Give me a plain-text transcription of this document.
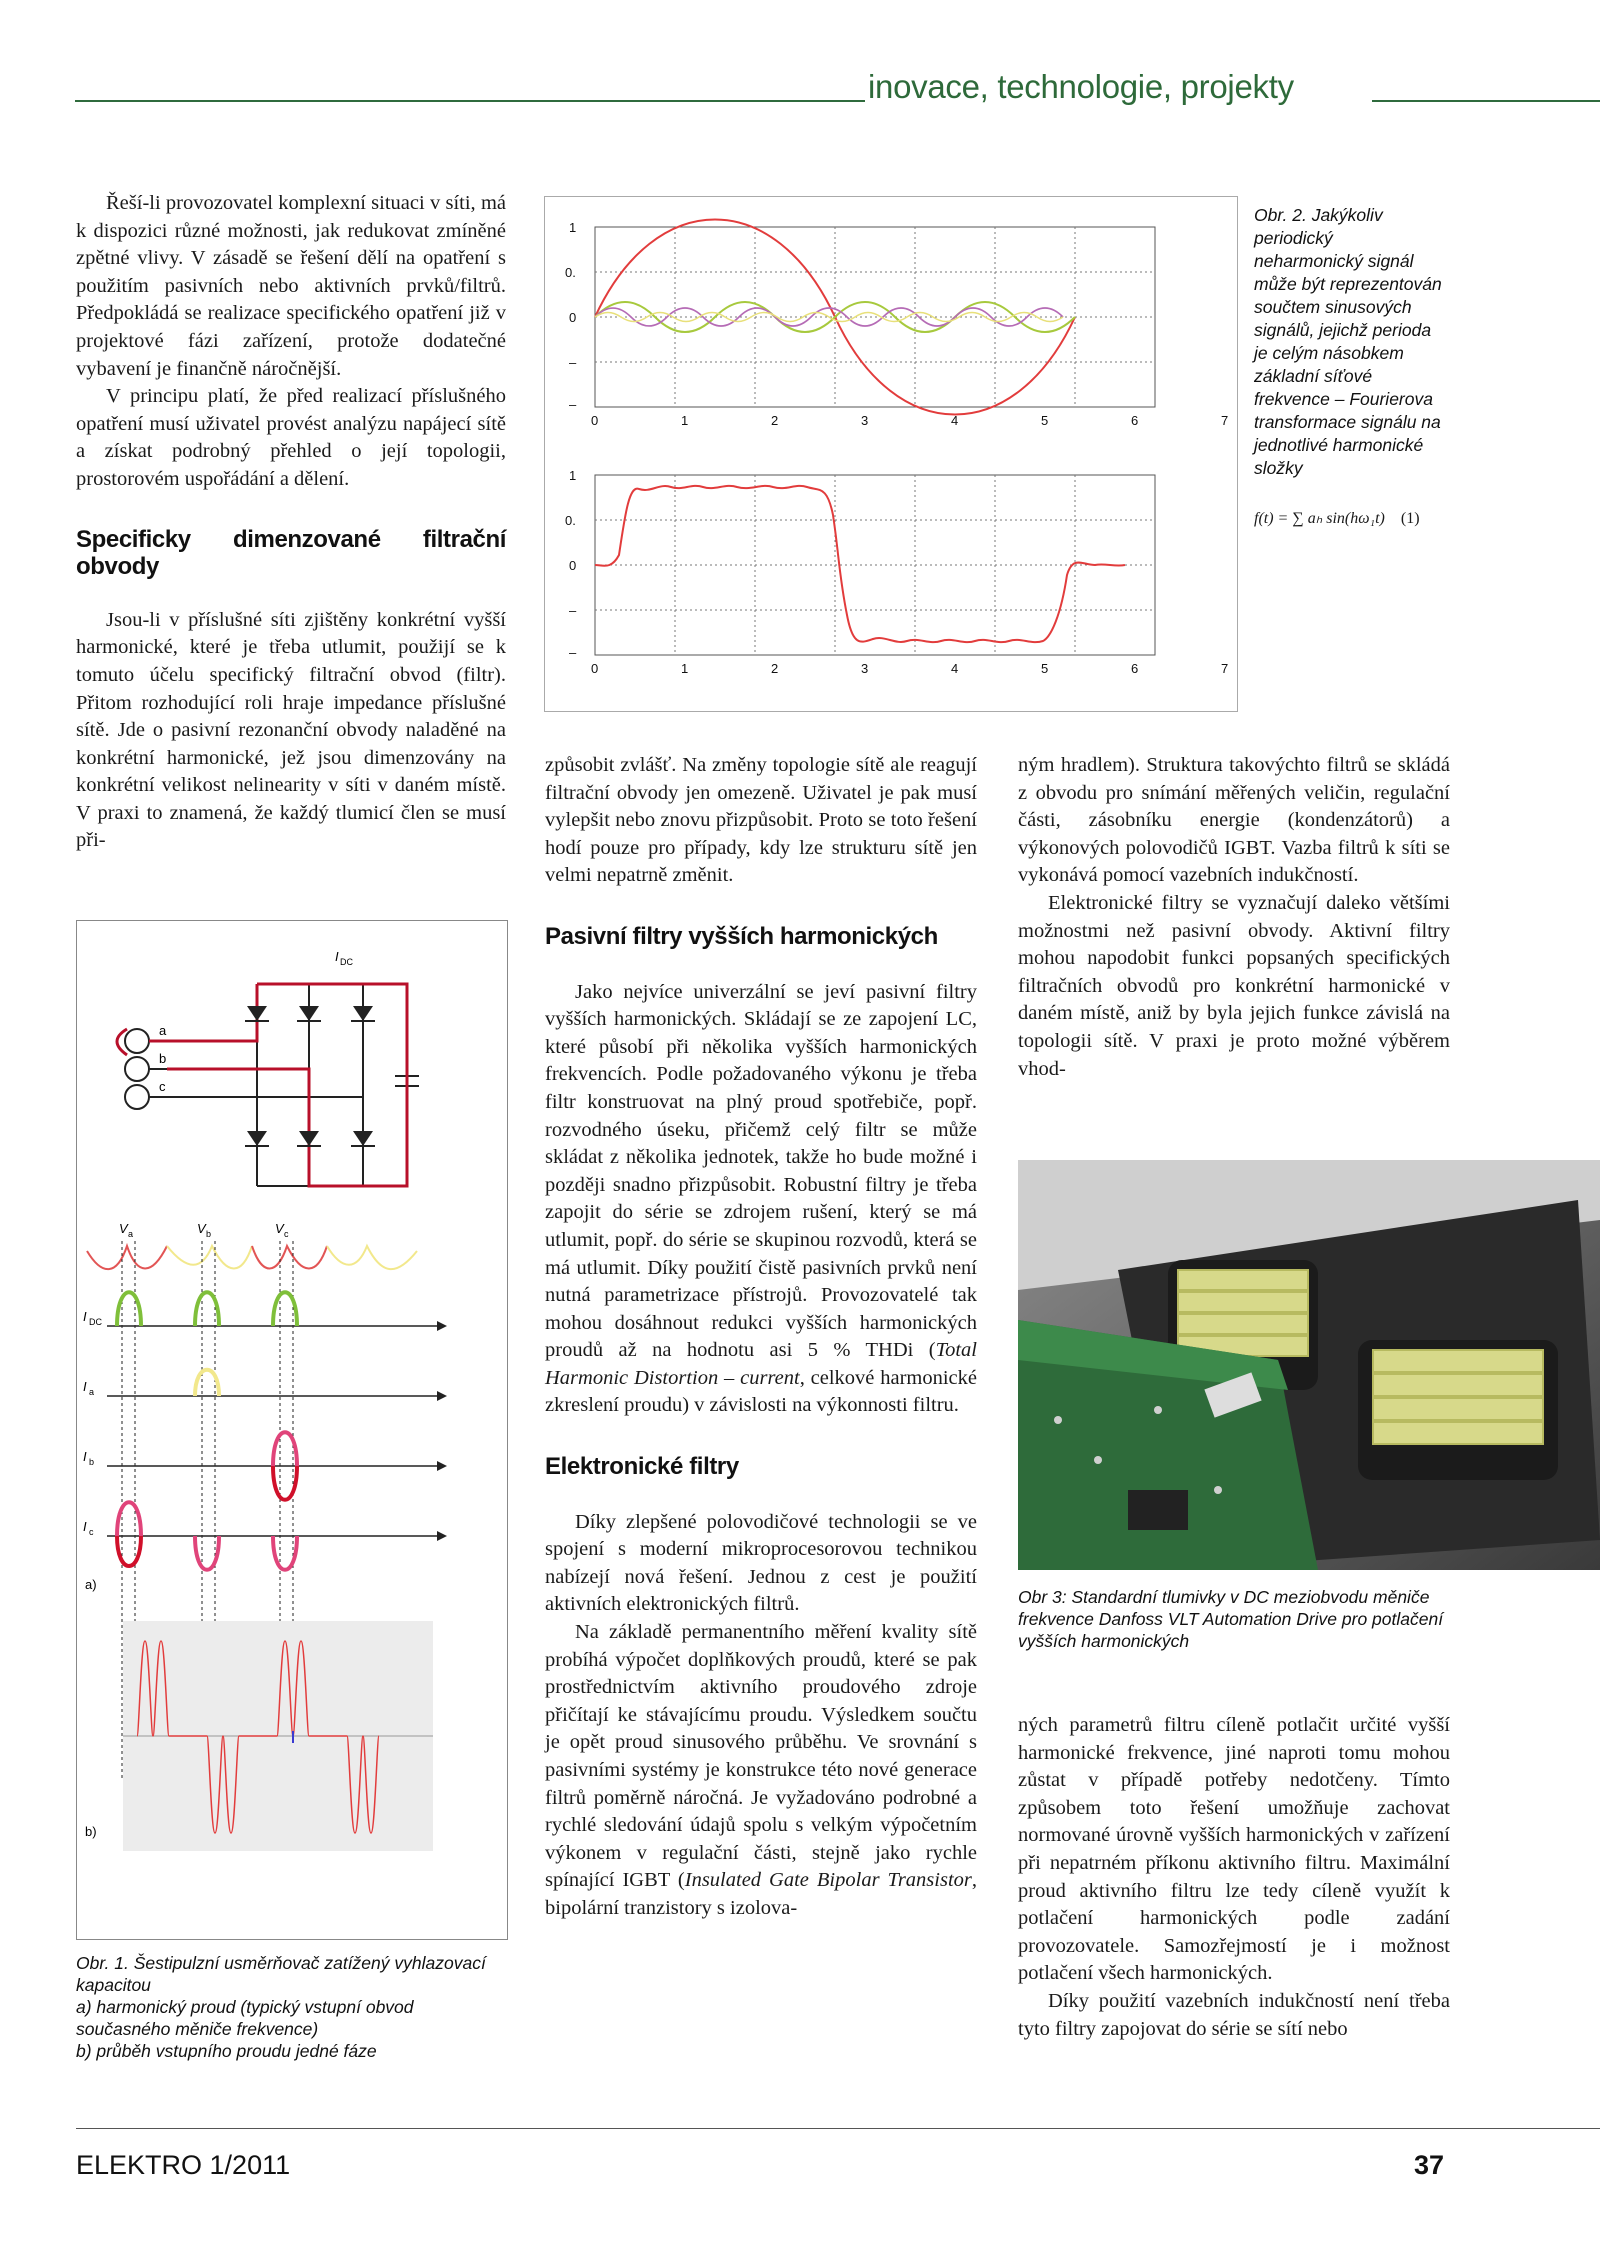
inovace, technologie, projekty

Řeší-li provozovatel komplexní situaci v síti, má k dispozici různé možnosti, jak redukovat zmíněné zpětné vlivy. V zásadě se řešení dělí na opatření s použitím pasivních nebo aktivních prvků/filtrů. Předpokládá se realizace specifického opatření již v projektové fázi zařízení, protože dodatečné vybavení je finančně náročnější.

V principu platí, že před realizací příslušného opatření musí uživatel provést analýzu napájecí sítě a získat podrobný přehled o její topologii, prostorovém uspořádání a dělení.

Specificky dimenzované filtrační obvody

Jsou-li v příslušné síti zjištěny konkrétní vyšší harmonické, které je třeba utlumit, použijí se k tomuto účelu specifický filtrační obvod (filtr). Přitom rozhodující roli hraje impedance příslušné sítě. Jde o pasivní rezonanční obvody naladěné na konkrétní harmonické, jež jsou dimenzovány na konkrétní velikost nelinearity v síti v daném místě. V praxi to znamená, že každý tlumicí člen se musí při-

1
0.
0
–
–
0	1	2	3	4	5	6	7
1
0.
0
–
–
0	1	2	3	4	5	6	7
Obr. 2. Jakýkoliv periodický neharmonický signál může být reprezentován součtem sinusových signálů, jejichž perioda je celým násobkem základní síťové frekvence – Fourierova transformace signálu na jednotlivé harmonické složky
f(t) = ∑ aₕ sin(hω₁t) (1)

způsobit zvlášť. Na změny topologie sítě ale reagují filtrační obvody jen omezeně. Uživatel je pak musí vylepšit nebo znovu přizpůsobit. Proto se toto řešení hodí pouze pro případy, kdy lze strukturu sítě jen velmi nepatrně změnit.

Pasivní filtry vyšších harmonických

Jako nejvíce univerzální se jeví pasivní filtry vyšších harmonických. Skládají se ze zapojení LC, které působí při několika vyšších harmonických frekvencích. Podle požadovaného výkonu je třeba filtr konstruovat na plný proud spotřebiče, popř. rozvodného úseku, přičemž celý filtr se může skládat z několika jednotek, takže ho bude možné i později snadno přizpůsobit. Robustní filtry je třeba zapojit do série se zdrojem rušení, který se má utlumit, popř. do série se skupinou rozvodů, která se má utlumit. Díky použití čistě pasivních prvků není nutná parametrizace přístrojů. Provozovatelé tak mohou dosáhnout redukci vyšších harmonických proudů až na hodnotu asi 5 % THDi (Total Harmonic Distortion – current, celkové harmonické zkreslení proudu) v závislosti na výkonnosti filtru.

Elektronické filtry

Díky zlepšené polovodičové technologii se ve spojení s moderní mikroprocesorovou technikou nabízejí nová řešení. Jednou z cest je použití aktivních elektronických filtrů.

Na základě permanentního měření kvality sítě probíhá výpočet doplňkových proudů, které se pak prostřednictvím aktivního proudového zdroje přičítají ke stávajícímu proudu. Výsledkem součtu je opět proud sinusového průběhu. Ve srovnání s pasivními systémy je konstrukce této nové generace filtrů poměrně náročná. Je vyžadováno podrobné a rychlé sledování údajů spolu s velkým výpočetním výkonem v regulační části, stejně jako rychle spínající IGBT (Insulated Gate Bipolar Transistor, bipolární tranzistory s izolova-

ným hradlem). Struktura takovýchto filtrů se skládá z obvodu pro snímání měřených veličin, regulační části, zásobníku energie (kondenzátorů) a výkonových polovodičů IGBT. Vazba filtrů k síti se vykonává pomocí vazebních indukčností.

Elektronické filtry se vyznačují daleko většími možnostmi než pasivní obvody. Aktivní filtry mohou napodobit funkci popsaných specifických filtračních obvodů pro konkrétní harmonické v daném místě, aniž by byla jejich funkce závislá na topologii sítě. V praxi je proto možné výběrem vhod-

Obr 3: Standardní tlumivky v DC meziobvodu měniče frekvence Danfoss VLT Automation Drive pro potlačení vyšších harmonických

ných parametrů filtru cíleně potlačit určité vyšší harmonické frekvence, jiné naproti tomu mohou zůstat v případě potřeby nedotčeny. Tímto způsobem toto řešení umožňuje zachovat normované úrovně vyšších harmonických v zařízení při nepatrném příkonu aktivního filtru. Maximální proud aktivního filtru lze tedy cíleně využít k potlačení harmonických podle zadání provozovatele. Samozřejmostí je i možnost potlačení všech harmonických.

Díky použití vazebních indukčností není třeba tyto filtry zapojovat do série se sítí nebo

I DC
a
b
c
V a	V b	V c
I DC
I a
I b
I c
a)
b)
Obr. 1. Šestipulzní usměrňovač zatížený vyhlazovací kapacitou
a) harmonický proud (typický vstupní obvod současného měniče frekvence)
b) průběh vstupního proudu jedné fáze
ELEKTRO 1/2011	37
